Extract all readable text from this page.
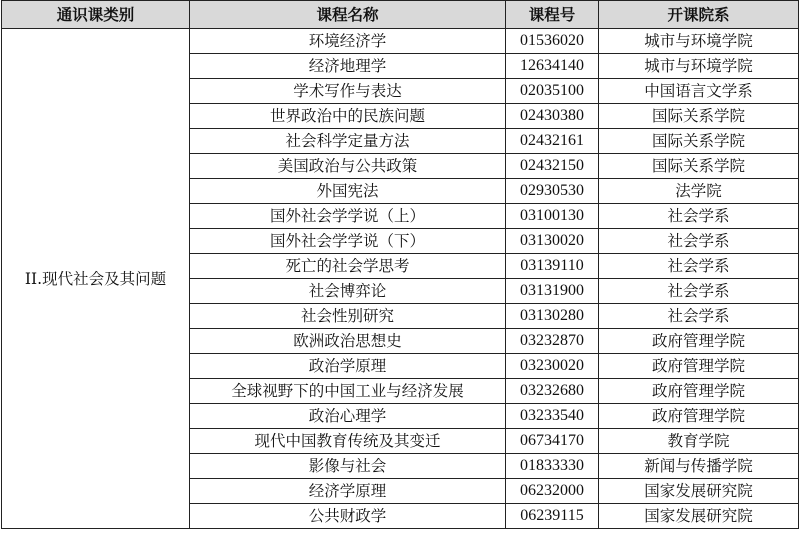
通识课类别	课程名称	课程号	开课院系
II.现代社会及其问题	环境经济学	01536020	城市与环境学院
	经济地理学	12634140	城市与环境学院
	学术写作与表达	02035100	中国语言文学系
	世界政治中的民族问题	02430380	国际关系学院
	社会科学定量方法	02432161	国际关系学院
	美国政治与公共政策	02432150	国际关系学院
	外国宪法	02930530	法学院
	国外社会学学说（上）	03100130	社会学系
	国外社会学学说（下）	03130020	社会学系
	死亡的社会学思考	03139110	社会学系
	社会博弈论	03131900	社会学系
	社会性别研究	03130280	社会学系
	欧洲政治思想史	03232870	政府管理学院
	政治学原理	03230020	政府管理学院
	全球视野下的中国工业与经济发展	03232680	政府管理学院
	政治心理学	03233540	政府管理学院
	现代中国教育传统及其变迁	06734170	教育学院
	影像与社会	01833330	新闻与传播学院
	经济学原理	06232000	国家发展研究院
	公共财政学	06239115	国家发展研究院
